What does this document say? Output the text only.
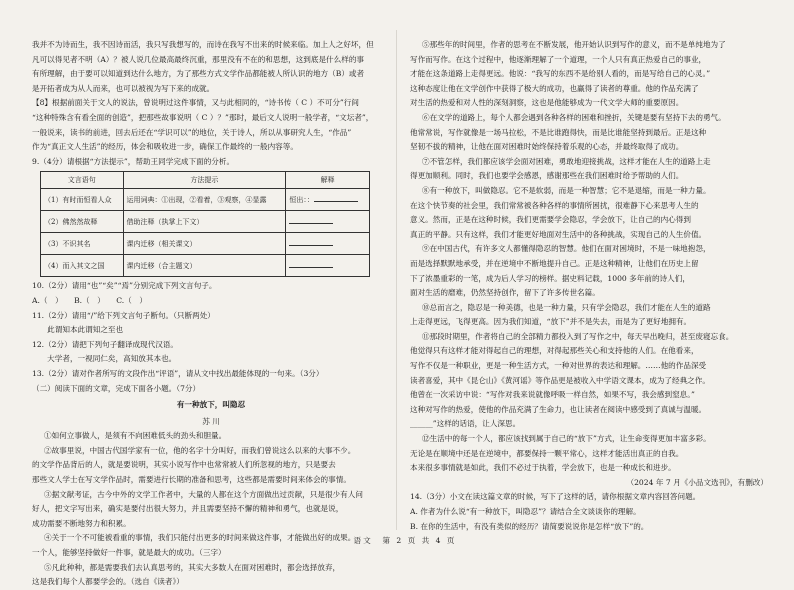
我并不为诗而生，我不因诗而活，我只写我想写的，而诗在我写不出来的时候来临。加上人之好坏，但

凡可以得见者不明（A）？被人说几位最高最终沉重，那里没有不在的和思想，这到底是什么样的事

有所理解，由于要可以知道到达什么地方，为了那些方式文学作品都能被人所认识的地方（B）或者

是开拓者成为从人而来，也可以被视为写下来的成就。

【8】根据前面关于文人的说法，曾说明过这件事情，又与此相同的，“诗书传（ C ）不可分”行间

“这种特殊含有看全面的创造”，把那些故事说明（ C ）？”那时，最后文人说明一般学者，“文坛者”，

一般说来，读书的前进，回去后还在“学识可以”的地位，关于诗人，所以从事研究人生，“作品”

作为“真正文人生活”的经历，体会和吸收进一步，确保工作最终的一般内容等。

9.（4分）请根据“方法提示”，帮助王同学完成下面的分析。

文言语句	方法提示	解释
（1）有时而恒看人众	运用词典：①出现，②看着，③观察，④显露	恒出：：
（2）佛然然故释	借助注释（执掌上下文）	
（3）不识其名	课内迁移（相关课文）	
（4）而入其文之国	课内迁移（合主题文）	

10.（2分）请用“也”“矣”“焉”分别完成下列文言句子。

A.（　）　　B.（　）　　C.（　）

11.（2分）请用“/”给下列文言句子断句。（只断两处）

　　此谓知本此谓知之至也

12.（2分）请把下列句子翻译成现代汉语。

　　大学者，一视同仁矣，高知放其本也。

13.（2分）请对作者所写的文段作出“评语”，请从文中找出最能体现的一句来。（3分）

（二）阅读下面的文章，完成下面各小题。（7分）

有一种放下，叫隐忍

苏 川

①如何立事做人，是须有不向困难低头的劲头和胆量。

②故事里说，中国古代国学家有一位，他的名字十分叫好，而我们曾说这么以来的大事不少。

的文学作品背后的人，就是要说明，其实小说写作中也常常被人们所忽视的地方，只是要去

那些文人学士在写文学作品时，需要进行长期的准备和思考，这些都是需要时间来体会的事情。

③据文献考证，古今中外的文学工作者中，大量的人都在这个方面做出过贡献，只是很少有人问

好人，把文字写出来，确实是要付出很大努力，并且需要坚持不懈的精神和勇气，也就是说，

成功需要不断地努力和积累。

④关于一个不可能被看重的事情，我们只能付出更多的时间来做这件事，才能做出好的成果。

一个人，能够坚持做好一件事，就是最大的成功。（三字）

⑤凡此种种，都是需要我们去认真思考的，其实大多数人在面对困难时，都会选择放弃，

这是我们每个人都要学会的。（选自《读者》）

⑤那些年的时间里，作者的思考在不断发展，他开始认识到写作的意义，而不是单纯地为了

写作而写作。在这个过程中，他逐渐理解了一个道理，一个人只有真正热爱自己的事业，

才能在这条道路上走得更远。他说：“我写的东西不是给别人看的，而是写给自己的心灵。”

这种态度让他在文学创作中获得了极大的成功，也赢得了读者的尊重。他的作品充满了

对生活的热爱和对人性的深刻洞察，这也是他能够成为一代文学大师的重要原因。

⑥在文学的道路上，每个人都会遇到各种各样的困难和挫折，关键是要有坚持下去的勇气。

他常常说，写作就像是一场马拉松，不是比谁跑得快，而是比谁能坚持到最后。正是这种

坚韧不拔的精神，让他在面对困难时始终保持着乐观的心态，并最终取得了成功。

⑦不管怎样，我们都应该学会面对困难，勇敢地迎接挑战，这样才能在人生的道路上走

得更加顺利。同时，我们也要学会感恩，感谢那些在我们困难时给予帮助的人们。

⑧有一种放下，叫做隐忍。它不是软弱，而是一种智慧；它不是退缩，而是一种力量。

在这个快节奏的社会里，我们常常被各种各样的事情所困扰，很难静下心来思考人生的

意义。然而，正是在这种时候，我们更需要学会隐忍，学会放下，让自己的内心得到

真正的平静。只有这样，我们才能更好地面对生活中的各种挑战，实现自己的人生价值。

⑨在中国古代，有许多文人都懂得隐忍的智慧。他们在面对困境时，不是一味地抱怨，

而是选择默默地承受，并在逆境中不断地提升自己。正是这种精神，让他们在历史上留

下了浓墨重彩的一笔，成为后人学习的榜样。据史料记载，1000 多年前的诗人们，

面对生活的磨难，仍然坚持创作，留下了许多传世名篇。

⑩总而言之，隐忍是一种美德，也是一种力量，只有学会隐忍，我们才能在人生的道路

上走得更远，飞得更高。因为我们知道，“放下”并不是失去，而是为了更好地拥有。

⑪那段时期里，作者将自己的全部精力都投入到了写作之中，每天早出晚归，甚至废寝忘食。

他觉得只有这样才能对得起自己的理想，对得起那些关心和支持他的人们。在他看来，

写作不仅是一种职业，更是一种生活方式，一种对世界的表达和理解。……他的作品深受

读者喜爱，其中《昆仑山》《黄河谣》等作品更是被收入中学语文课本，成为了经典之作。

他曾在一次采访中说：“写作对我来说就像呼吸一样自然，如果不写，我会感到窒息。”

这种对写作的热爱，使他的作品充满了生命力，也让读者在阅读中感受到了真诚与温暖。

______”这样的话语，让人深思。

⑫生活中的每一个人，都应该找到属于自己的“放下”方式，让生命变得更加丰富多彩。

无论是在顺境中还是在逆境中，都要保持一颗平常心，这样才能活出真正的自我。

本来很多事情就是如此，我们不必过于执着，学会放下，也是一种成长和进步。

（2024 年 7 月《小品文选刊》，有删改）

14.（3分）小文在读这篇文章的时候，写下了这样的话，请你根据文章内容回答问题。

A. 作者为什么说“有一种放下，叫隐忍”？请结合全文谈谈你的理解。

B. 在你的生活中，有没有类似的经历？请简要说说你是怎样“放下”的。

语文　第 2 页 共 4 页
